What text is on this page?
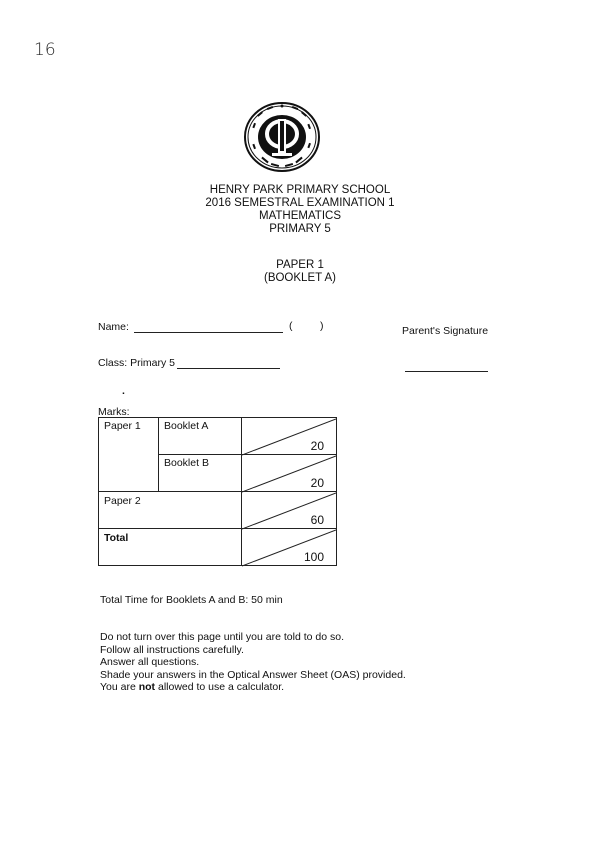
16
HENRY PARK PRIMARY SCHOOL
2016 SEMESTRAL EXAMINATION 1
MATHEMATICS
PRIMARY 5
PAPER 1
(BOOKLET A)
Name:	(	)	Parent's Signature
Class: Primary 5
.
Marks:
Paper 1	Booklet A	20

	Booklet B	20

Paper 2		60

Total		100
Total Time for Booklets A and B: 50 min
Do not turn over this page until you are told to do so.
Follow all instructions carefully.
Answer all questions.
Shade your answers in the Optical Answer Sheet (OAS) provided.
You are not allowed to use a calculator.
